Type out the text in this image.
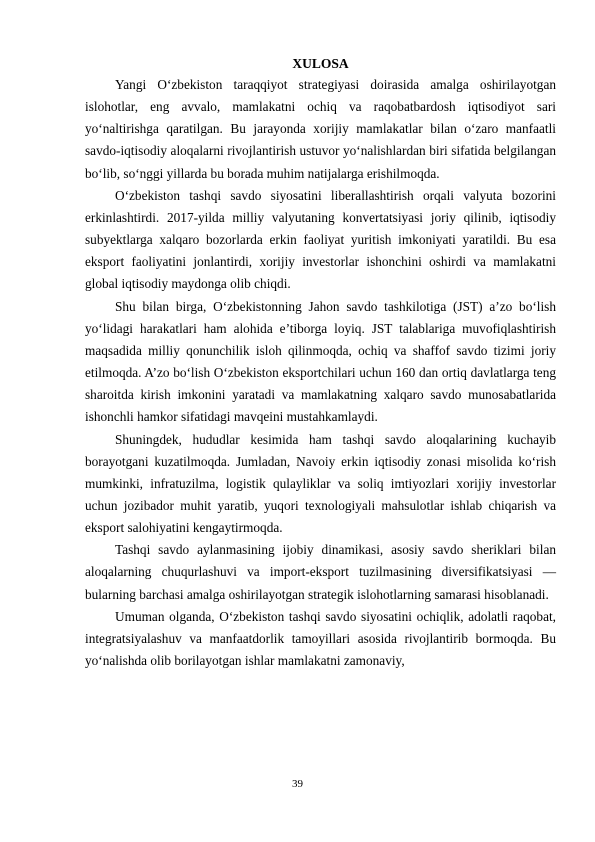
XULOSA

Yangi O‘zbekiston taraqqiyot strategiyasi doirasida amalga oshirilayotgan islohotlar, eng avvalo, mamlakatni ochiq va raqobatbardosh iqtisodiyot sari yo‘naltirishga qaratilgan. Bu jarayonda xorijiy mamlakatlar bilan o‘zaro manfaatli savdo-iqtisodiy aloqalarni rivojlantirish ustuvor yo‘nalishlardan biri sifatida belgilangan bo‘lib, so‘nggi yillarda bu borada muhim natijalarga erishilmoqda.

O‘zbekiston tashqi savdo siyosatini liberallashtirish orqali valyuta bozorini erkinlashtirdi. 2017-yilda milliy valyutaning konvertatsiyasi joriy qilinib, iqtisodiy subyektlarga xalqaro bozorlarda erkin faoliyat yuritish imkoniyati yaratildi. Bu esa eksport faoliyatini jonlantirdi, xorijiy investorlar ishonchini oshirdi va mamlakatni global iqtisodiy maydonga olib chiqdi.

Shu bilan birga, O‘zbekistonning Jahon savdo tashkilotiga (JST) a’zo bo‘lish yo‘lidagi harakatlari ham alohida e’tiborga loyiq. JST talablariga muvofiqlashtirish maqsadida milliy qonunchilik isloh qilinmoqda, ochiq va shaffof savdo tizimi joriy etilmoqda. A’zo bo‘lish O‘zbekiston eksportchilari uchun 160 dan ortiq davlatlarga teng sharoitda kirish imkonini yaratadi va mamlakatning xalqaro savdo munosabatlarida ishonchli hamkor sifatidagi mavqeini mustahkamlaydi.

Shuningdek, hududlar kesimida ham tashqi savdo aloqalarining kuchayib borayotgani kuzatilmoqda. Jumladan, Navoiy erkin iqtisodiy zonasi misolida ko‘rish mumkinki, infratuzilma, logistik qulayliklar va soliq imtiyozlari xorijiy investorlar uchun jozibador muhit yaratib, yuqori texnologiyali mahsulotlar ishlab chiqarish va eksport salohiyatini kengaytirmoqda.

Tashqi savdo aylanmasining ijobiy dinamikasi, asosiy savdo sheriklari bilan aloqalarning chuqurlashuvi va import-eksport tuzilmasining diversifikatsiyasi — bularning barchasi amalga oshirilayotgan strategik islohotlarning samarasi hisoblanadi.

Umuman olganda, O‘zbekiston tashqi savdo siyosatini ochiqlik, adolatli raqobat, integratsiyalashuv va manfaatdorlik tamoyillari asosida rivojlantirib bormoqda. Bu yo‘nalishda olib borilayotgan ishlar mamlakatni zamonaviy,

39
